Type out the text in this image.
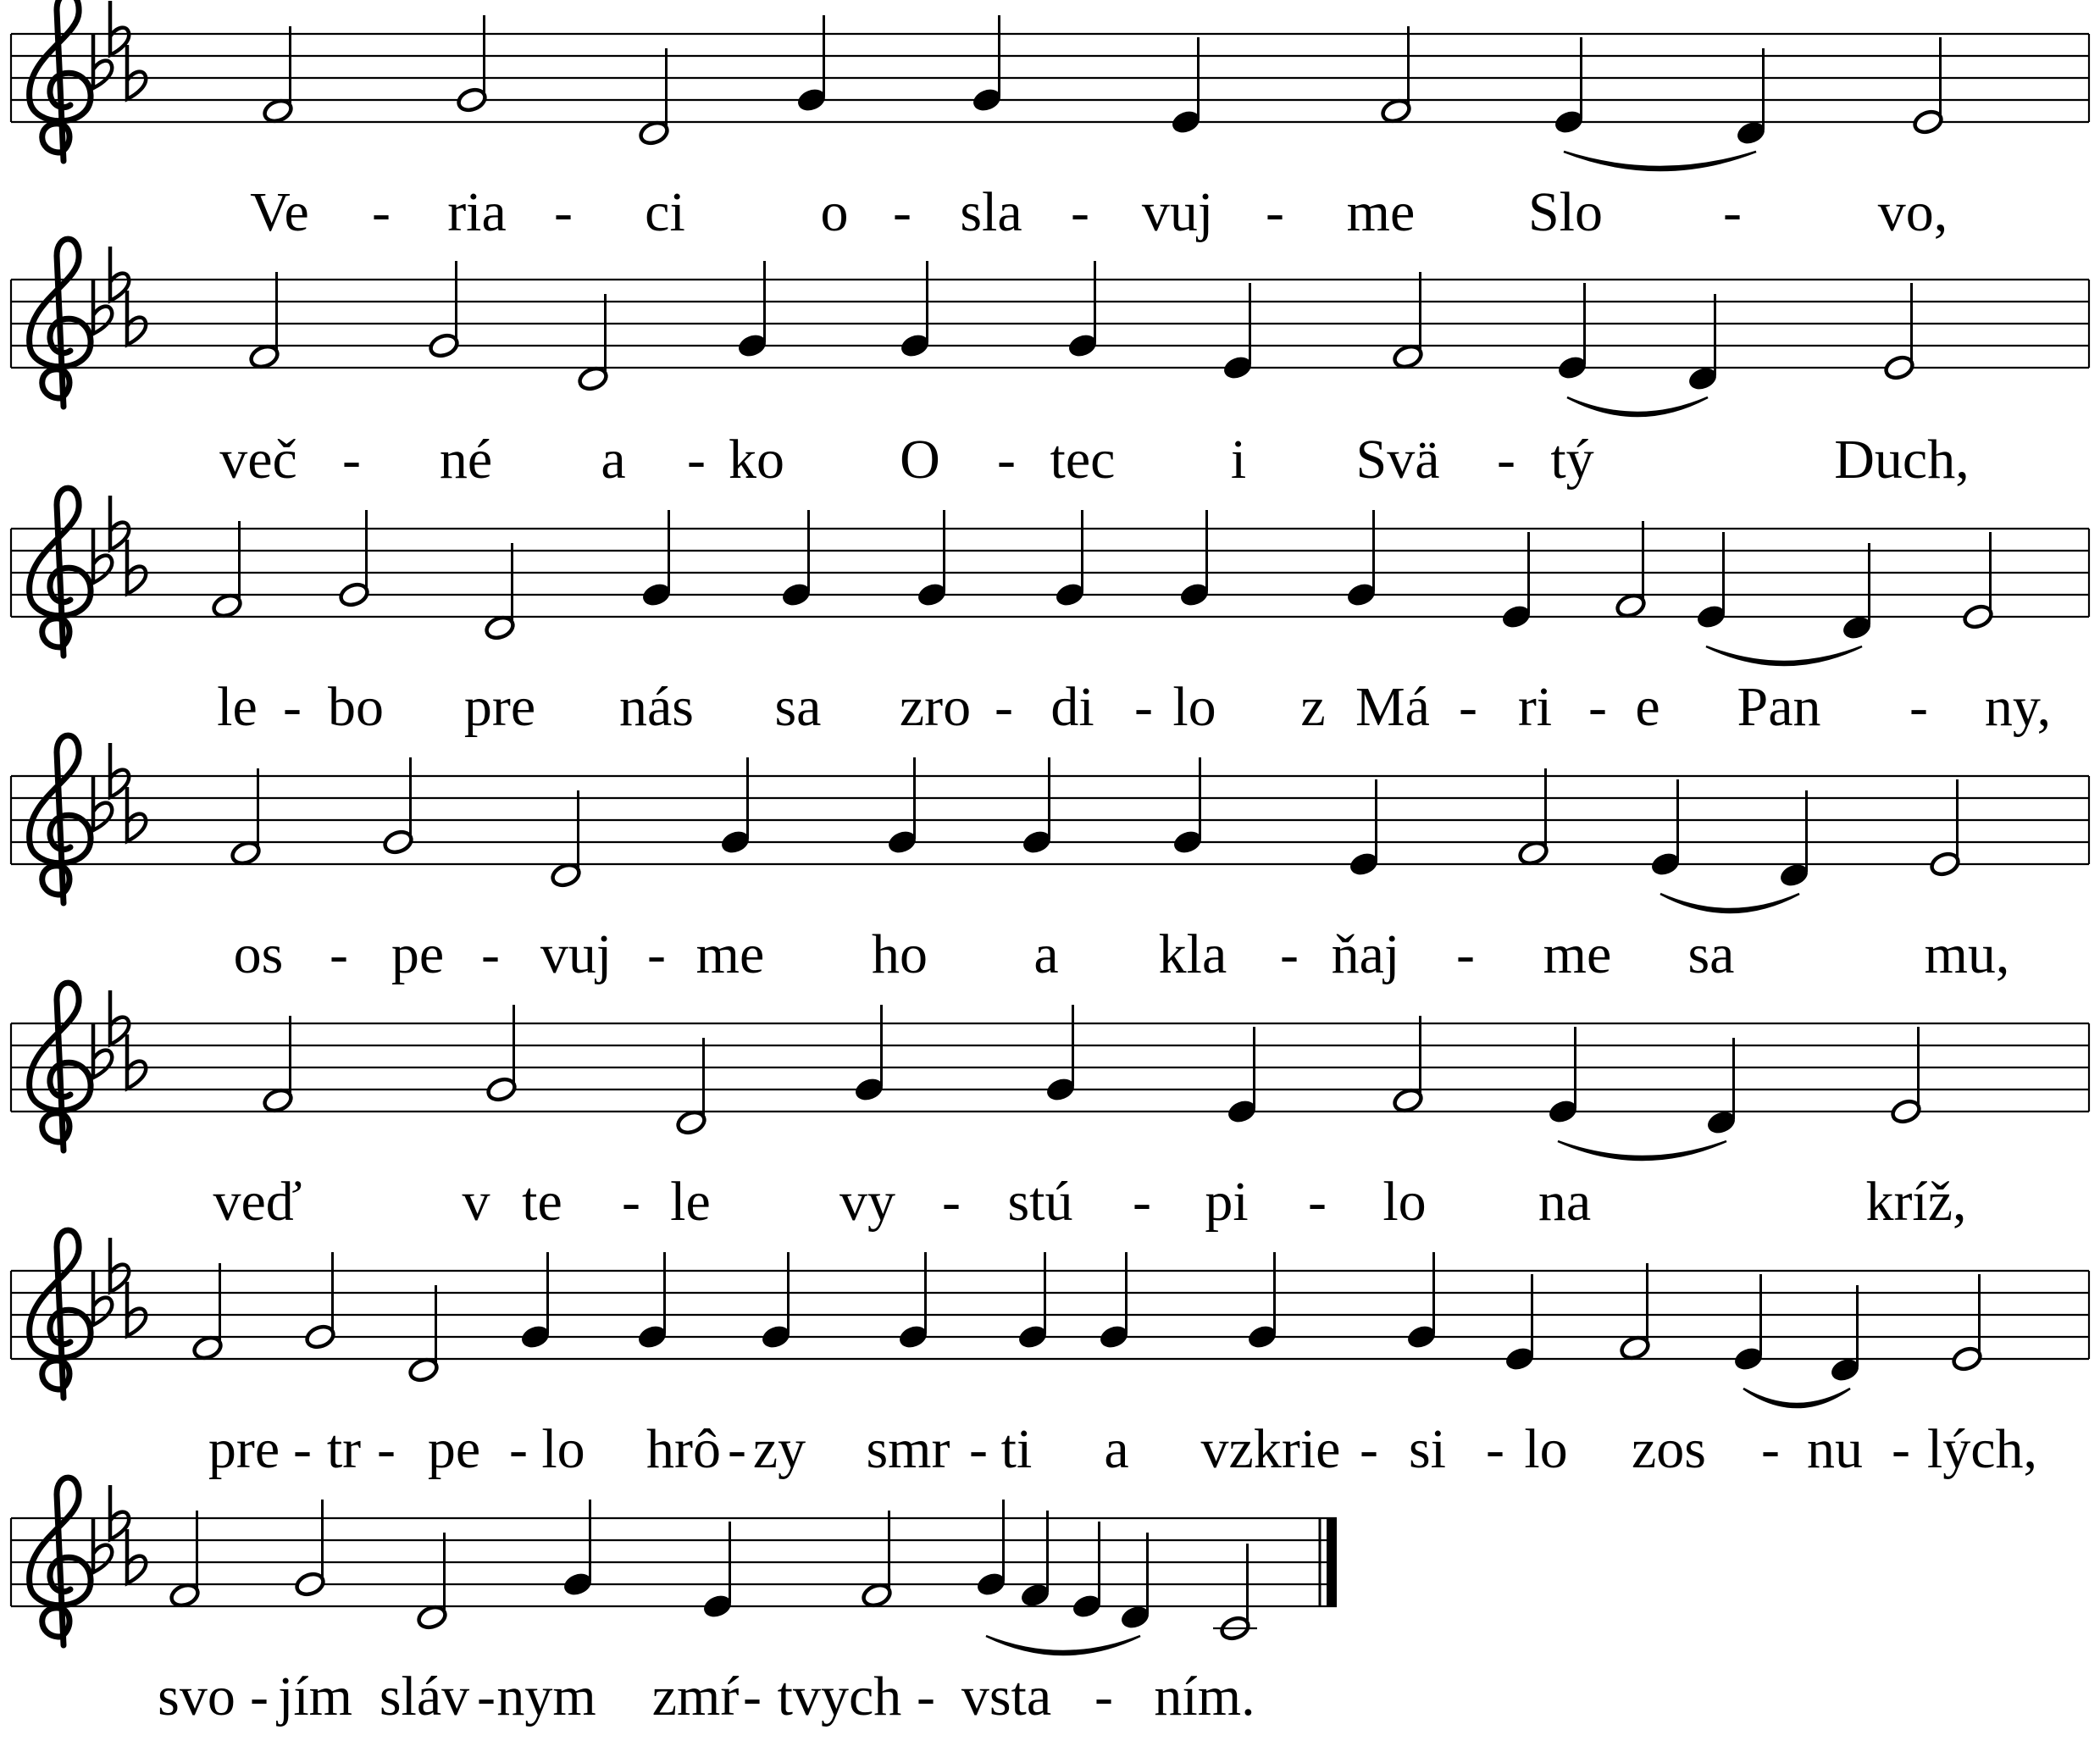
Ve - ria - ci o - sla - vuj - me Slo - vo,
več - né a - ko O - tec i Svä - tý	Duch,
le - bo pre nás sa zro - di - lo z Má - ri - e Pan - ny,
os - pe - vuj - me ho a kla - ňaj - me sa	mu,
veď	v te - le vy - stú - pi - lo na	kríž,
pre - tr - pe - lo hrô - zy smr - ti a vzkrie - si - lo zos - nu - lých,
svo - jím sláv - nym zmŕ - tvych - vsta - ním.
